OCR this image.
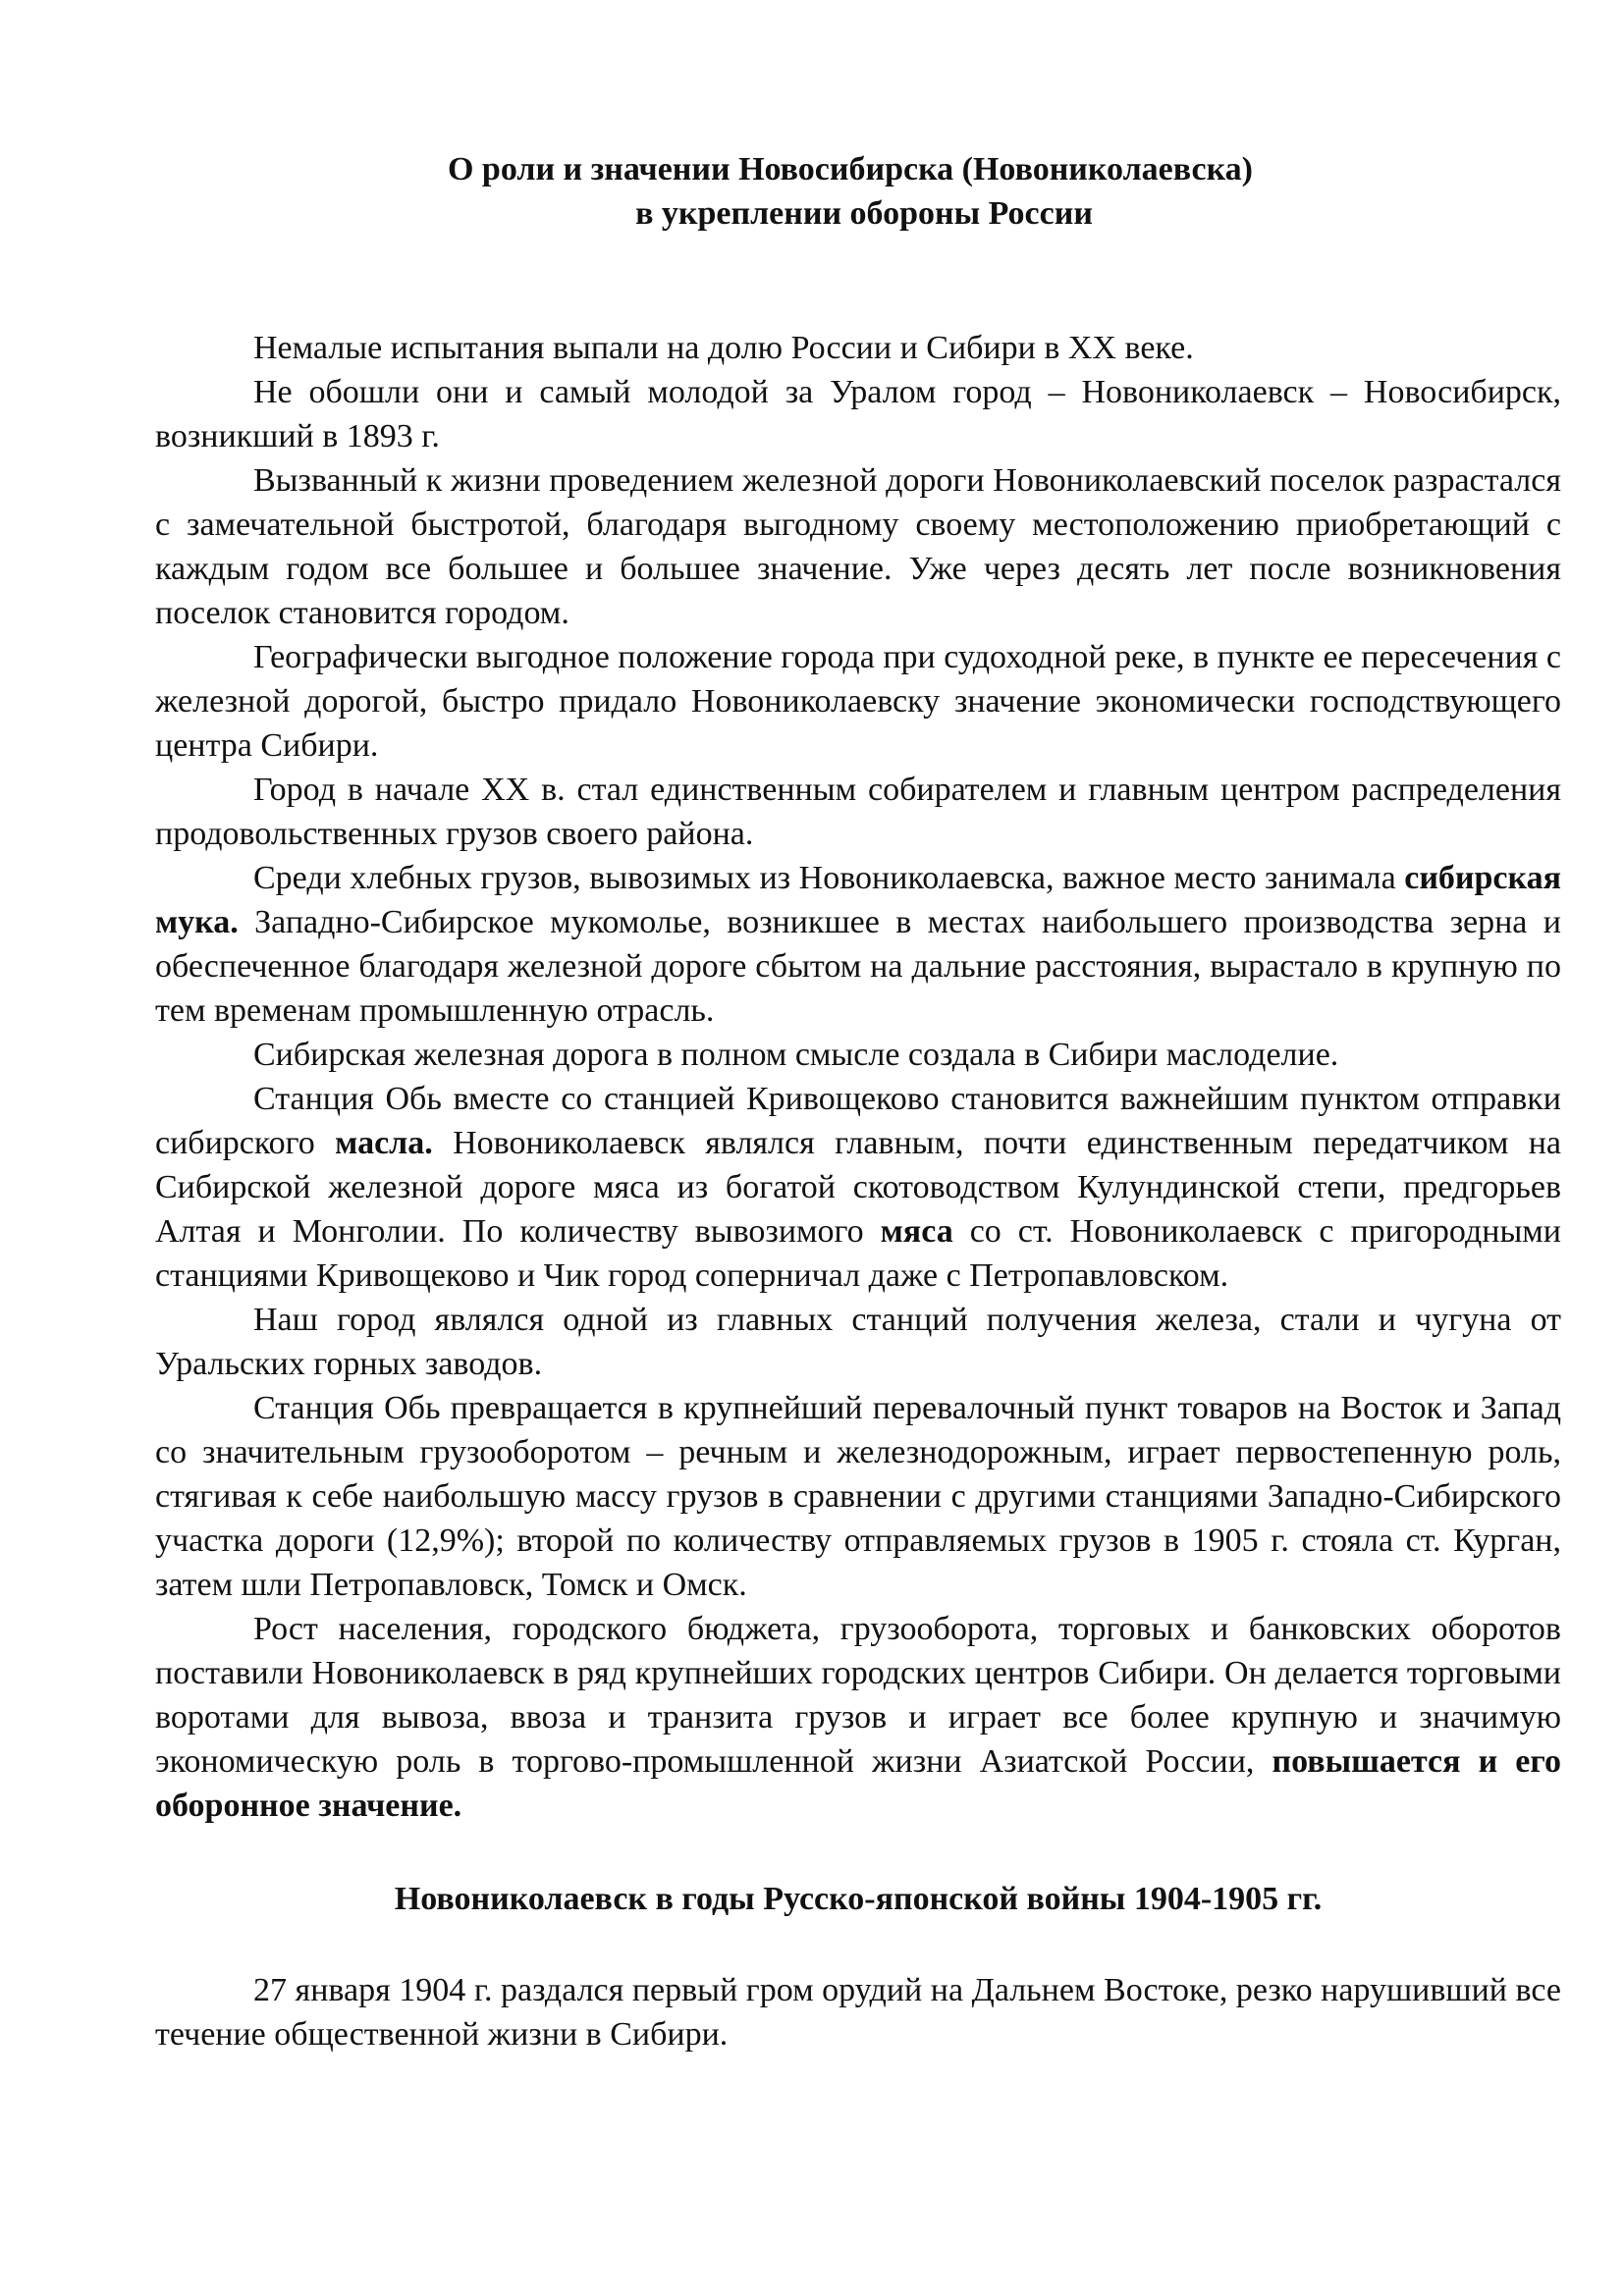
О роли и значении Новосибирска (Новониколаевска)
в укреплении обороны России

Немалые испытания выпали на долю России и Сибири в XX веке.

Не обошли они и самый молодой за Уралом город – Новониколаевск – Новосибирск, возникший в 1893 г.

Вызванный к жизни проведением железной дороги Новониколаевский поселок разрастался с замечательной быстротой, благодаря выгодному своему местоположению приобретающий с каждым годом все большее и большее значение. Уже через десять лет после возникновения поселок становится городом.

Географически выгодное положение города при судоходной реке, в пункте ее пересечения с железной дорогой, быстро придало Новониколаевску значение экономически господствующего центра Сибири.

Город в начале XX в. стал единственным собирателем и главным центром распределения продовольственных грузов своего района.

Среди хлебных грузов, вывозимых из Новониколаевска, важное место занимала сибирская мука. Западно-Сибирское мукомолье, возникшее в местах наибольшего производства зерна и обеспеченное благодаря железной дороге сбытом на дальние расстояния, вырастало в крупную по тем временам промышленную отрасль.

Сибирская железная дорога в полном смысле создала в Сибири маслоделие.

Станция Обь вместе со станцией Кривощеково становится важнейшим пунктом отправки сибирского масла. Новониколаевск являлся главным, почти единственным передатчиком на Сибирской железной дороге мяса из богатой скотоводством Кулундинской степи, предгорьев Алтая и Монголии. По количеству вывозимого мяса со ст. Новониколаевск с пригородными станциями Кривощеково и Чик город соперничал даже с Петропавловском.

Наш город являлся одной из главных станций получения железа, стали и чугуна от Уральских горных заводов.

Станция Обь превращается в крупнейший перевалочный пункт товаров на Восток и Запад со значительным грузооборотом – речным и железнодорожным, играет первостепенную роль, стягивая к себе наибольшую массу грузов в сравнении с другими станциями Западно-Сибирского участка дороги (12,9%); второй по количеству отправляемых грузов в 1905 г. стояла ст. Курган, затем шли Петропавловск, Томск и Омск.

Рост населения, городского бюджета, грузооборота, торговых и банковских оборотов поставили Новониколаевск в ряд крупнейших городских центров Сибири. Он делается торговыми воротами для вывоза, ввоза и транзита грузов и играет все более крупную и значимую экономическую роль в торгово-промышленной жизни Азиатской России, повышается и его оборонное значение.

Новониколаевск в годы Русско-японской войны 1904-1905 гг.

27 января 1904 г. раздался первый гром орудий на Дальнем Востоке, резко нарушивший все течение общественной жизни в Сибири.
